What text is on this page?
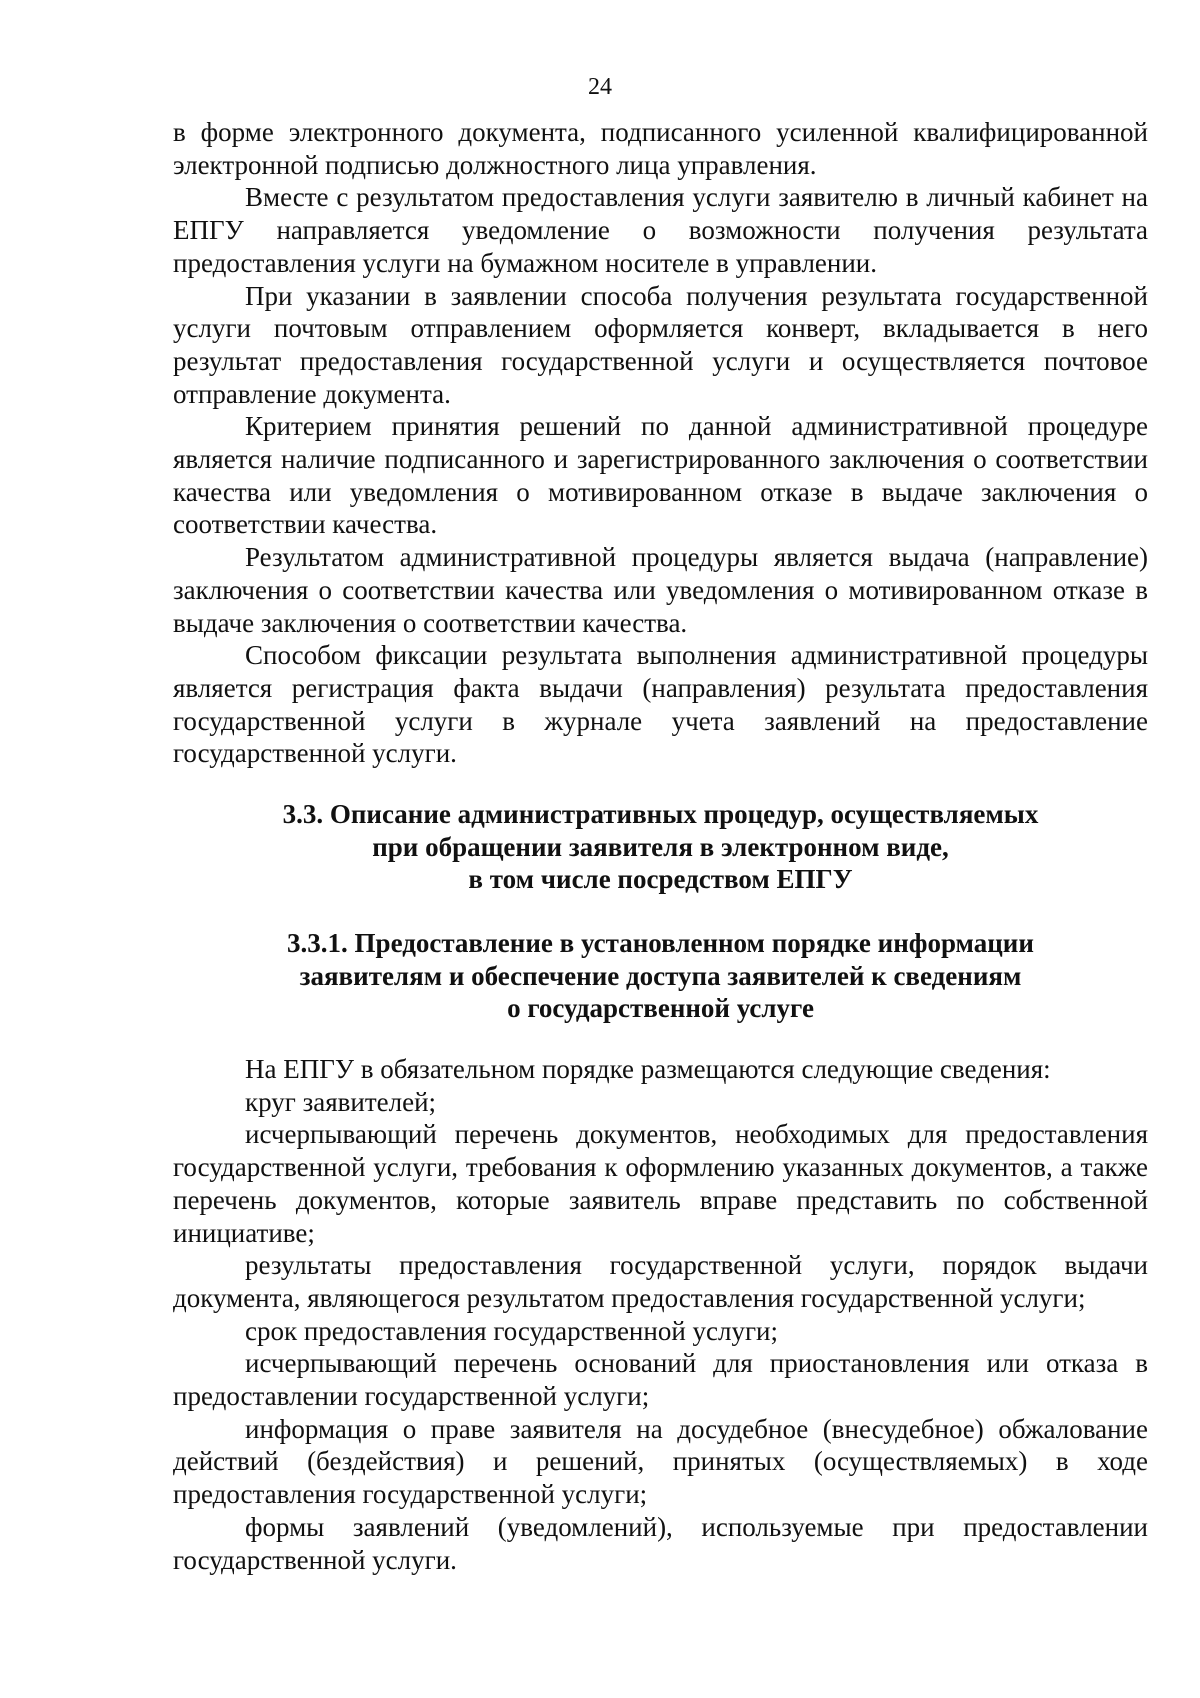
24

в форме электронного документа, подписанного усиленной квалифицированной электронной подписью должностного лица управления.

Вместе с результатом предоставления услуги заявителю в личный кабинет на ЕПГУ направляется уведомление о возможности получения результата предоставления услуги на бумажном носителе в управлении.

При указании в заявлении способа получения результата государственной услуги почтовым отправлением оформляется конверт, вкладывается в него результат предоставления государственной услуги и осуществляется почтовое отправление документа.

Критерием принятия решений по данной административной процедуре является наличие подписанного и зарегистрированного заключения о соответствии качества или уведомления о мотивированном отказе в выдаче заключения о соответствии качества.

Результатом административной процедуры является выдача (направление) заключения о соответствии качества или уведомления о мотивированном отказе в выдаче заключения о соответствии качества.

Способом фиксации результата выполнения административной процедуры является регистрация факта выдачи (направления) результата предоставления государственной услуги в журнале учета заявлений на предоставление государственной услуги.

3.3. Описание административных процедур, осуществляемых
при обращении заявителя в электронном виде,
в том числе посредством ЕПГУ
3.3.1. Предоставление в установленном порядке информации
заявителям и обеспечение доступа заявителей к сведениям
о государственной услуге

На ЕПГУ в обязательном порядке размещаются следующие сведения:

круг заявителей;

исчерпывающий перечень документов, необходимых для предоставления государственной услуги, требования к оформлению указанных документов, а также перечень документов, которые заявитель вправе представить по собственной инициативе;

результаты предоставления государственной услуги, порядок выдачи документа, являющегося результатом предоставления государственной услуги;

срок предоставления государственной услуги;

исчерпывающий перечень оснований для приостановления или отказа в предоставлении государственной услуги;

информация о праве заявителя на досудебное (внесудебное) обжалование действий (бездействия) и решений, принятых (осуществляемых) в ходе предоставления государственной услуги;

формы заявлений (уведомлений), используемые при предоставлении государственной услуги.
